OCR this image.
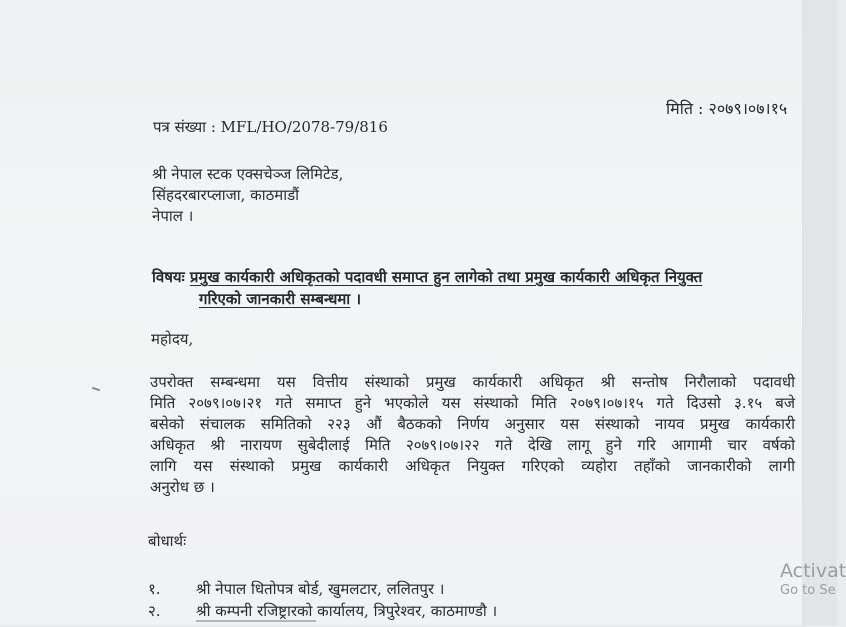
मिति : २०७९।०७।१५
पत्र संख्या : MFL/HO/2078-79/816
श्री नेपाल स्टक एक्सचेञ्ज लिमिटेड,
सिंहदरबारप्लाजा, काठमाडौं
नेपाल ।
विषयः प्रमुख कार्यकारी अधिकृतको पदावधी समाप्त हुन लागेको तथा प्रमुख कार्यकारी अधिकृत नियुक्त
गरिएको जानकारी सम्बन्धमा ।
महोदय,
उपरोक्त सम्बन्धमा यस वित्तीय संस्थाको प्रमुख कार्यकारी अधिकृत श्री सन्तोष निरौलाको पदावधी
मिति २०७९।०७।२१ गते समाप्त हुने भएकोले यस संस्थाको मिति २०७९।०७।१५ गते दिउसो ३.१५ बजे
बसेको संचालक समितिको २२३ औं बैठकको निर्णय अनुसार यस संस्थाको नायव प्रमुख कार्यकारी
अधिकृत श्री नारायण सुबेदीलाई मिति २०७९।०७।२२ गते देखि लागू हुने गरि आगामी चार वर्षको
लागि यस संस्थाको प्रमुख कार्यकारी अधिकृत नियुक्त गरिएको व्यहोरा तहाँको जानकारीको लागी
अनुरोध छ ।
बोधार्थः
१. श्री नेपाल धितोपत्र बोर्ड, खुमलटार, ललितपुर ।
२. श्री कम्पनी रजिष्ट्रारको कार्यालय, त्रिपुरेश्वर, काठमाण्डौ ।
Activat
Go to Se
